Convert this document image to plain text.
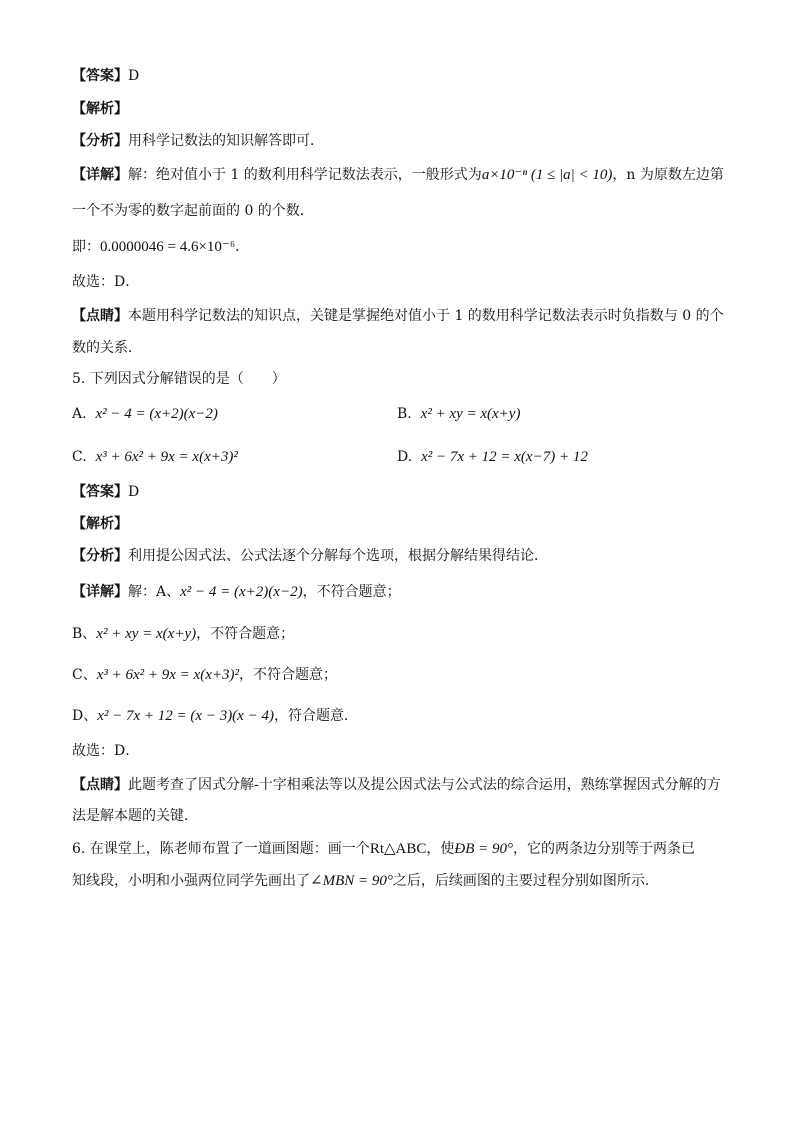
【答案】D
【解析】
【分析】用科学记数法的知识解答即可．
【详解】解：绝对值小于 1 的数利用科学记数法表示，一般形式为a×10⁻ⁿ (1 ≤ |a| < 10)，n 为原数左边第
一个不为零的数字起前面的 0 的个数．
即：0.0000046 = 4.6×10⁻⁶．
故选：D．
【点睛】本题用科学记数法的知识点，关键是掌握绝对值小于 1 的数用科学记数法表示时负指数与 0 的个
数的关系．
5. 下列因式分解错误的是（　　）
A. x² − 4 = (x+2)(x−2)	B. x² + xy = x(x+y)
C. x³ + 6x² + 9x = x(x+3)²	D. x² − 7x + 12 = x(x−7) + 12
【答案】D
【解析】
【分析】利用提公因式法、公式法逐个分解每个选项，根据分解结果得结论．
【详解】解：A、x² − 4 = (x+2)(x−2)，不符合题意；
B、x² + xy = x(x+y)，不符合题意；
C、x³ + 6x² + 9x = x(x+3)²，不符合题意；
D、x² − 7x + 12 = (x − 3)(x − 4)，符合题意．
故选：D．
【点睛】此题考查了因式分解-十字相乘法等以及提公因式法与公式法的综合运用，熟练掌握因式分解的方
法是解本题的关键．
6. 在课堂上，陈老师布置了一道画图题：画一个Rt△ABC，使ÐB = 90°，它的两条边分别等于两条已
知线段，小明和小强两位同学先画出了∠MBN = 90°之后，后续画图的主要过程分别如图所示．
